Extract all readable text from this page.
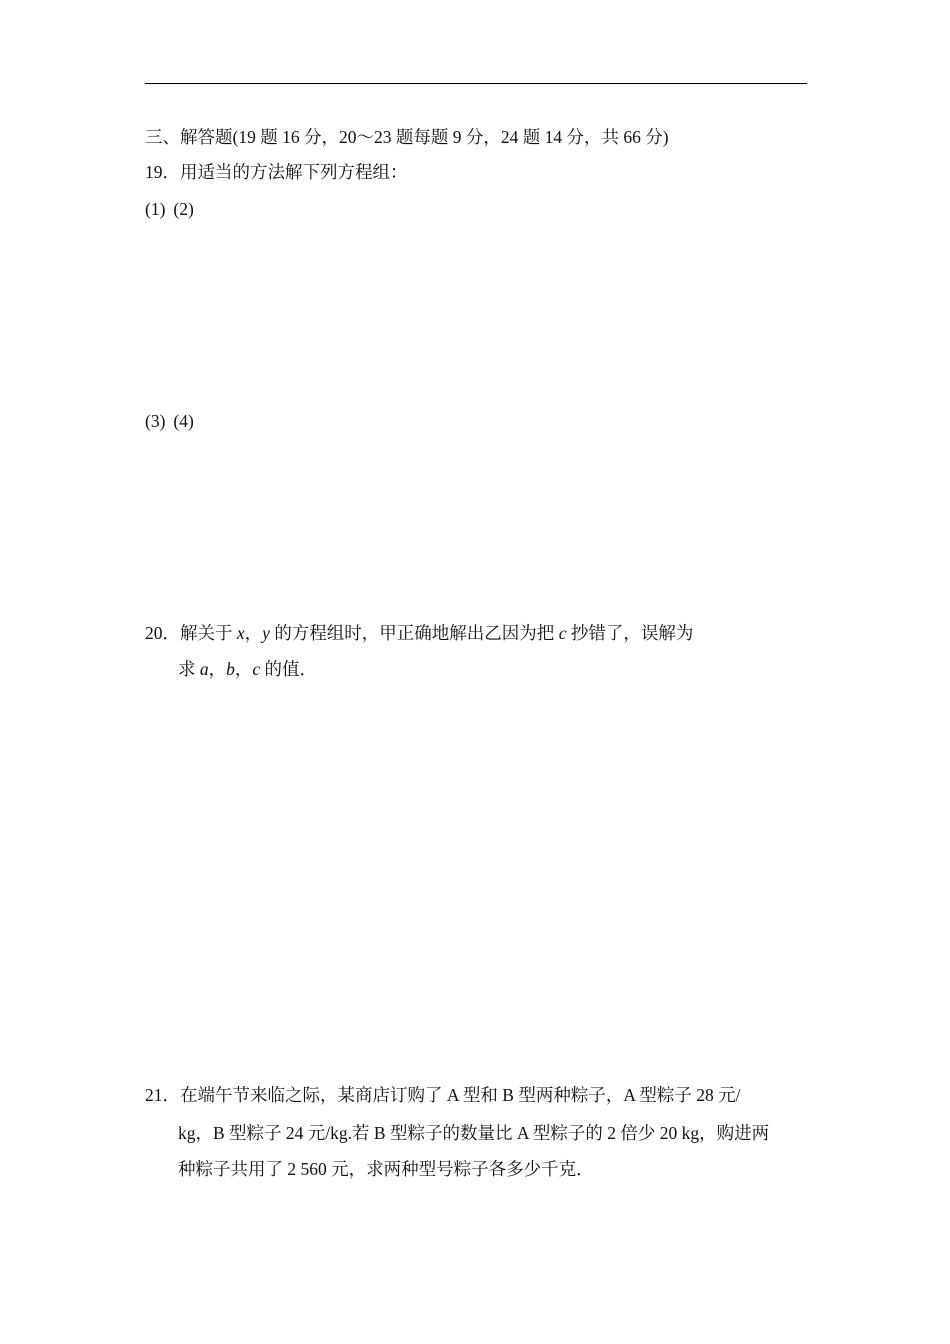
三、解答题(19 题 16 分，20～23 题每题 9 分，24 题 14 分，共 66 分)
19．用适当的方法解下列方程组：
(1) (2)
(3) (4)
20．解关于 x，y 的方程组时，甲正确地解出乙因为把 c 抄错了，误解为
求 a，b，c 的值．
21．在端午节来临之际，某商店订购了 A 型和 B 型两种粽子，A 型粽子 28 元/
kg，B 型粽子 24 元/kg.若 B 型粽子的数量比 A 型粽子的 2 倍少 20 kg，购进两
种粽子共用了 2 560 元，求两种型号粽子各多少千克．
